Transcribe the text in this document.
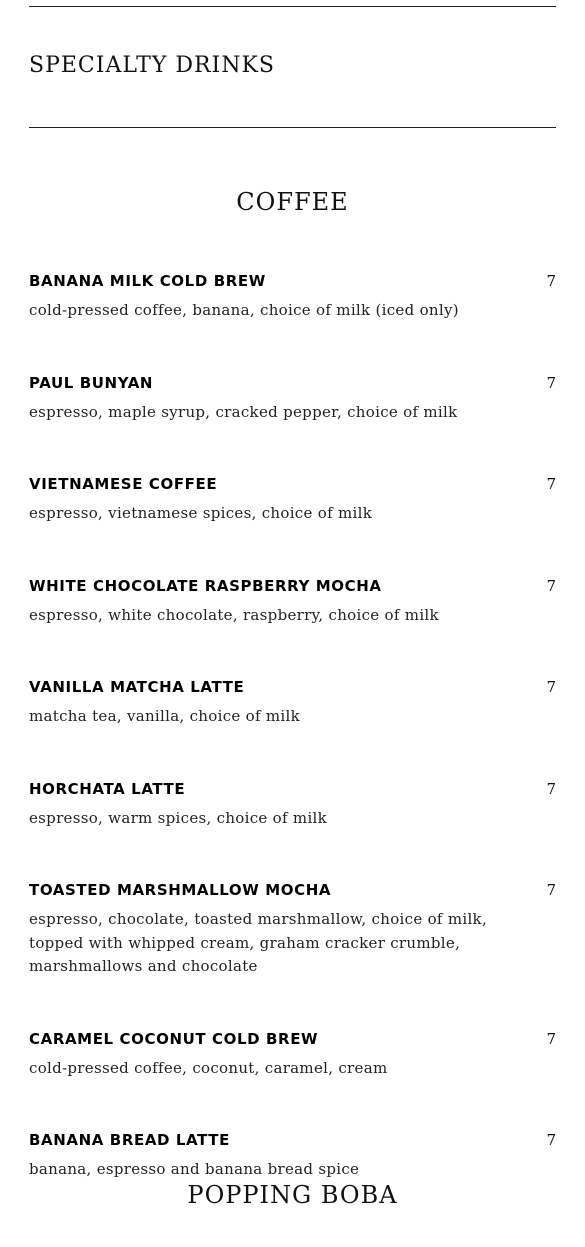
SPECIALTY DRINKS
COFFEE
BANANA MILK COLD BREW	7
cold-pressed coffee, banana, choice of milk (iced only)
PAUL BUNYAN	7
espresso, maple syrup, cracked pepper, choice of milk
VIETNAMESE COFFEE	7
espresso, vietnamese spices, choice of milk
WHITE CHOCOLATE RASPBERRY MOCHA	7
espresso, white chocolate, raspberry, choice of milk
VANILLA MATCHA LATTE	7
matcha tea, vanilla, choice of milk
HORCHATA LATTE	7
espresso, warm spices, choice of milk
TOASTED MARSHMALLOW MOCHA	7
espresso, chocolate, toasted marshmallow, choice of milk, topped with whipped cream, graham cracker crumble, marshmallows and chocolate
CARAMEL COCONUT COLD BREW	7
cold-pressed coffee, coconut, caramel, cream
BANANA BREAD LATTE	7
banana, espresso and banana bread spice
POPPING BOBA
